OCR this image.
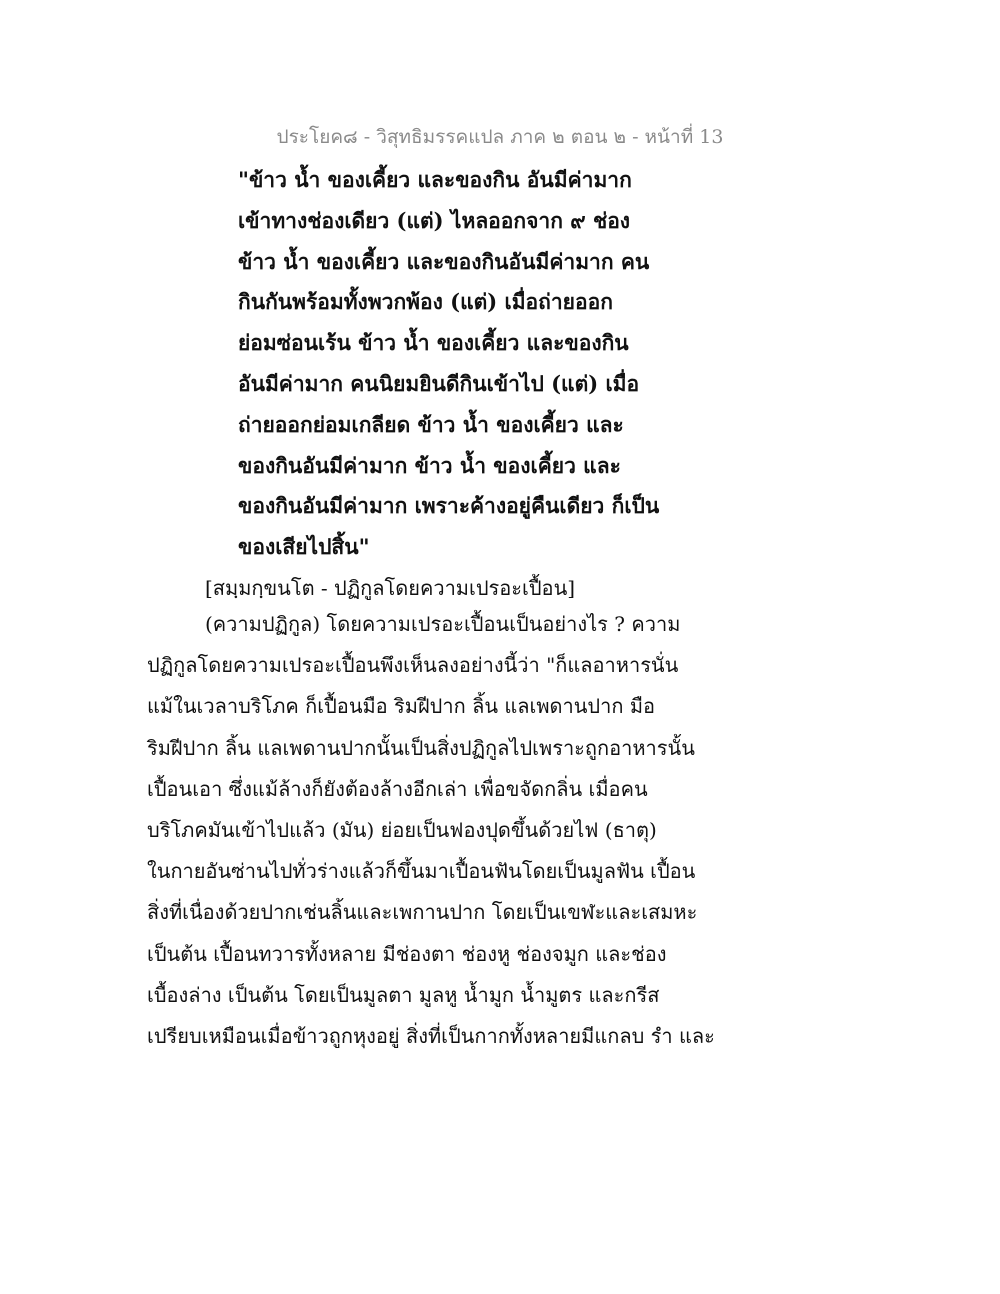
ประโยค๘ - วิสุทธิมรรคแปล ภาค ๒ ตอน ๒ - หน้าที่ 13
"ข้าว น้ำ ของเคี้ยว และของกิน อันมีค่ามาก
เข้าทางช่องเดียว (แต่) ไหลออกจาก ๙ ช่อง
ข้าว น้ำ ของเคี้ยว และของกินอันมีค่ามาก คน
กินกันพร้อมทั้งพวกพ้อง (แต่) เมื่อถ่ายออก
ย่อมซ่อนเร้น ข้าว น้ำ ของเคี้ยว และของกิน
อันมีค่ามาก คนนิยมยินดีกินเข้าไป (แต่) เมื่อ
ถ่ายออกย่อมเกลียด ข้าว น้ำ ของเคี้ยว และ
ของกินอันมีค่ามาก ข้าว น้ำ ของเคี้ยว และ
ของกินอันมีค่ามาก เพราะค้างอยู่คืนเดียว ก็เป็น
ของเสียไปสิ้น"
[สมฺมกฺขนโต - ปฏิกูลโดยความเปรอะเปื้อน]
(ความปฏิกูล) โดยความเปรอะเปื้อนเป็นอย่างไร ? ความ
ปฏิกูลโดยความเปรอะเปื้อนพึงเห็นลงอย่างนี้ว่า "ก็แลอาหารนั่น
แม้ในเวลาบริโภค ก็เปื้อนมือ ริมฝีปาก ลิ้น แลเพดานปาก มือ
ริมฝีปาก ลิ้น แลเพดานปากนั้นเป็นสิ่งปฏิกูลไปเพราะถูกอาหารนั้น
เปื้อนเอา ซึ่งแม้ล้างก็ยังต้องล้างอีกเล่า เพื่อขจัดกลิ่น เมื่อคน
บริโภคมันเข้าไปแล้ว (มัน) ย่อยเป็นฟองปุดขึ้นด้วยไฟ (ธาตุ)
ในกายอันซ่านไปทั่วร่างแล้วก็ขึ้นมาเปื้อนฟันโดยเป็นมูลฟัน เปื้อน
สิ่งที่เนื่องด้วยปากเช่นลิ้นและเพกานปาก โดยเป็นเขฬะและเสมหะ
เป็นต้น เปื้อนทวารทั้งหลาย มีช่องตา ช่องหู ช่องจมูก และช่อง
เบื้องล่าง เป็นต้น โดยเป็นมูลตา มูลหู น้ำมูก น้ำมูตร และกรีส
เปรียบเหมือนเมื่อข้าวถูกหุงอยู่ สิ่งที่เป็นกากทั้งหลายมีแกลบ รำ และ
